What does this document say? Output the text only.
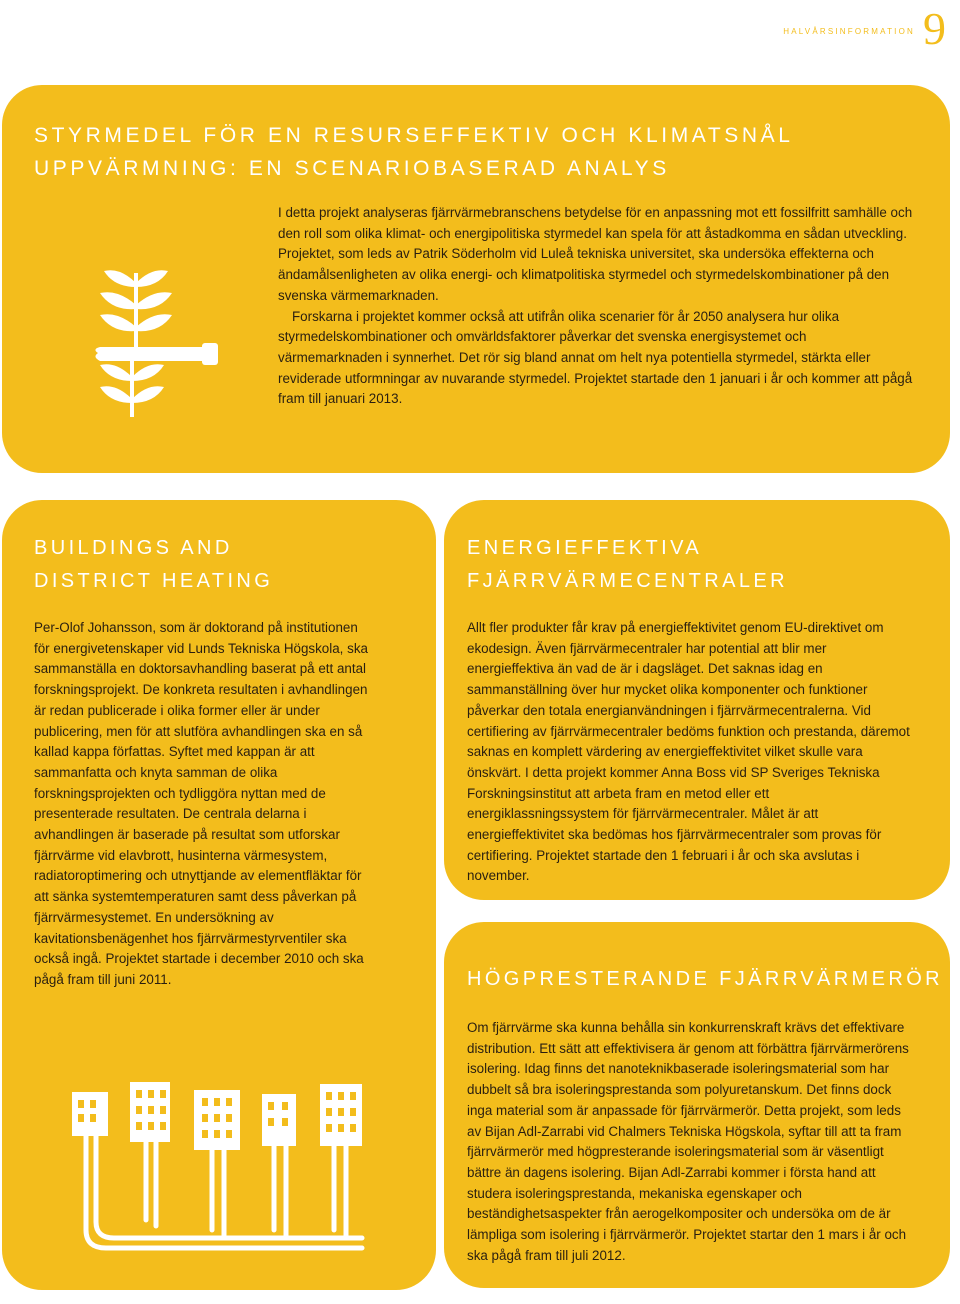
halvårsinformation 9
STYRMEDEL FÖR EN RESURSEFFEKTIV OCH KLIMATSNÅL
UPPVÄRMNING: EN SCENARIOBASERAD ANALYS

I detta projekt analyseras fjärrvärmebranschens betydelse för en anpassning mot ett fossilfritt samhälle och den roll som olika klimat- och energipolitiska styrmedel kan spela för att åstadkomma en sådan utveckling. Projektet, som leds av Patrik Söderholm vid Luleå tekniska universitet, ska undersöka effekterna och ändamålsenligheten av olika energi- och klimatpolitiska styrmedel och styrmedelskombinationer på den svenska värmemarknaden.

Forskarna i projektet kommer också att utifrån olika scenarier för år 2050 analysera hur olika styrmedelskombinationer och omvärldsfaktorer påverkar det svenska energisystemet och värmemarknaden i synnerhet. Det rör sig bland annat om helt nya potentiella styrmedel, stärkta eller reviderade utformningar av nuvarande styrmedel. Projektet startade den 1 januari i år och kommer att pågå fram till januari 2013.

BUILDINGS AND
DISTRICT HEATING

Per-Olof Johansson, som är doktorand på institutionen för energivetenskaper vid Lunds Tekniska Högskola, ska sammanställa en doktorsavhandling baserat på ett antal forskningsprojekt. De konkreta resultaten i avhandlingen är redan publicerade i olika former eller är under publicering, men för att slutföra avhandlingen ska en så kallad kappa författas. Syftet med kappan är att sammanfatta och knyta samman de olika forskningsprojekten och tydliggöra nyttan med de presenterade resultaten. De centrala delarna i avhandlingen är baserade på resultat som utforskar fjärrvärme vid elavbrott, husinterna värmesystem, radiatoroptimering och utnyttjande av elementfläktar för att sänka systemtemperaturen samt dess påverkan på fjärrvärmesystemet. En undersökning av kavitationsbenägenhet hos fjärrvärmestyrventiler ska också ingå. Projektet startade i december 2010 och ska pågå fram till juni 2011.

ENERGIEFFEKTIVA
FJÄRRVÄRMECENTRALER

Allt fler produkter får krav på energieffektivitet genom EU-direktivet om ekodesign. Även fjärrvärmecentraler har potential att blir mer energieffektiva än vad de är i dagsläget. Det saknas idag en sammanställning över hur mycket olika komponenter och funktioner påverkar den totala energianvändningen i fjärrvärmecentralerna. Vid certifiering av fjärrvärmecentraler bedöms funktion och prestanda, däremot saknas en komplett värdering av energieffektivitet vilket skulle vara önskvärt. I detta projekt kommer Anna Boss vid SP Sveriges Tekniska Forskningsinstitut att arbeta fram en metod eller ett energiklassningssystem för fjärrvärmecentraler. Målet är att energieffektivitet ska bedömas hos fjärrvärmecentraler som provas för certifiering. Projektet startade den 1 februari i år och ska avslutas i november.

HÖGPRESTERANDE FJÄRRVÄRMERÖR

Om fjärrvärme ska kunna behålla sin konkurrenskraft krävs det effektivare distribution. Ett sätt att effektivisera är genom att förbättra fjärrvärmerörens isolering. Idag finns det nanoteknikbaserade isoleringsmaterial som har dubbelt så bra isoleringsprestanda som polyuretanskum. Det finns dock inga material som är anpassade för fjärrvärmerör. Detta projekt, som leds av Bijan Adl-Zarrabi vid Chalmers Tekniska Högskola, syftar till att ta fram fjärrvärmerör med högpresterande isoleringsmaterial som är väsentligt bättre än dagens isolering. Bijan Adl-Zarrabi kommer i första hand att studera isoleringsprestanda, mekaniska egenskaper och beständighetsaspekter från aerogelkompositer och undersöka om de är lämpliga som isolering i fjärrvärmerör. Projektet startar den 1 mars i år och ska pågå fram till juli 2012.
